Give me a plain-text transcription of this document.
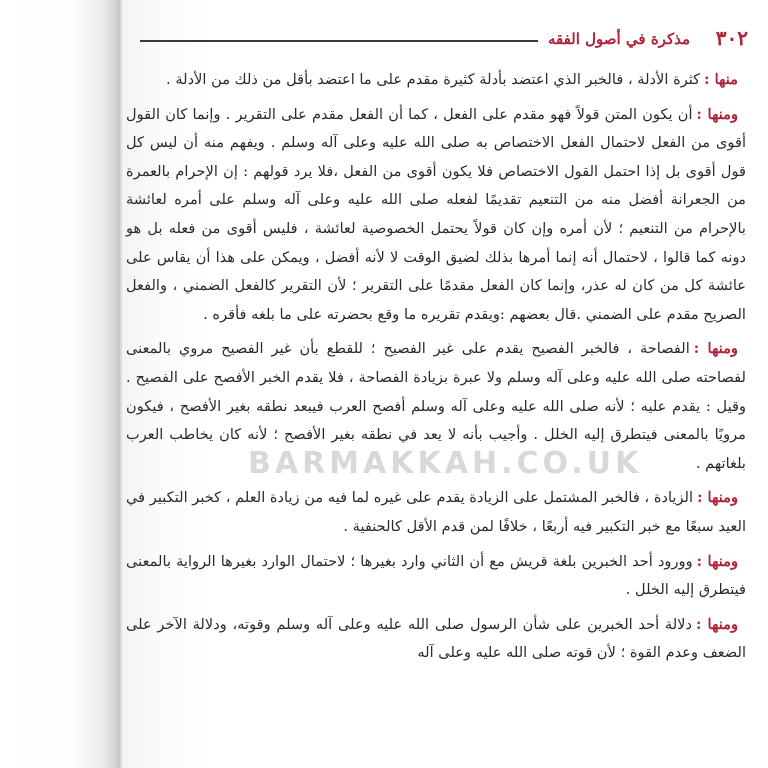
٣٠٢
مذكرة في أصول الفقه

منها :كثرة الأدلة ، فالخبر الذي اعتضد بأدلة كثيرة مقدم على ما اعتضد بأقل من ذلك من الأدلة .

ومنها :أن يكون المتن قولاً فهو مقدم على الفعل ، كما أن الفعل مقدم على التقرير . وإنما كان القول أقوى من الفعل لاحتمال الفعل الاختصاص به صلى الله عليه وعلى آله وسلم . ويفهم منه أن ليس كل قول أقوى بل إذا احتمل القول الاختصاص فلا يكون أقوى من الفعل ،فلا يرد قولهم : إن الإحرام بالعمرة من الجعرانة أفضل منه من التنعيم تقديمًا لفعله صلى الله عليه وعلى آله وسلم على أمره لعائشة بالإحرام من التنعيم ؛ لأن أمره وإن كان قولاً يحتمل الخصوصية لعائشة ، فليس أقوى من فعله بل هو دونه كما قالوا ، لاحتمال أنه إنما أمرها بذلك لضيق الوقت لا لأنه أفضل ، ويمكن على هذا أن يقاس على عائشة كل من كان له عذر، وإنما كان الفعل مقدمًا على التقرير ؛ لأن التقرير كالفعل الضمني ، والفعل الصريح مقدم على الضمني .قال بعضهم :ويقدم تقريره ما وقع بحضرته على ما بلغه فأقره .

ومنها :الفصاحة ، فالخبر الفصيح يقدم على غير الفصيح ؛ للقطع بأن غير الفصيح مروي بالمعنى لفصاحته صلى الله عليه وعلى آله وسلم ولا عبرة بزيادة الفصاحة ، فلا يقدم الخبر الأفصح على الفصيح . وقيل : يقدم عليه ؛ لأنه صلى الله عليه وعلى آله وسلم أفصح العرب فيبعد نطقه بغير الأفصح ، فيكون مرويًا بالمعنى فيتطرق إليه الخلل . وأجيب بأنه لا يعد في نطقه بغير الأفصح ؛ لأنه كان يخاطب العرب بلغاتهم .

ومنها :الزيادة ، فالخبر المشتمل على الزيادة يقدم على غيره لما فيه من زيادة العلم ، كخبر التكبير في العيد سبعًا مع خبر التكبير فيه أربعًا ، خلافًا لمن قدم الأقل كالحنفية .

ومنها :وورود أحد الخبرين بلغة قريش مع أن الثاني وارد بغيرها ؛ لاحتمال الوارد بغيرها الرواية بالمعنى فيتطرق إليه الخلل .

ومنها :دلالة أحد الخبرين على شأن الرسول صلى الله عليه وعلى آله وسلم وقوته، ودلالة الآخر على الضعف وعدم القوة ؛ لأن قوته صلى الله عليه وعلى آله

BARMAKKAH.CO.UK
